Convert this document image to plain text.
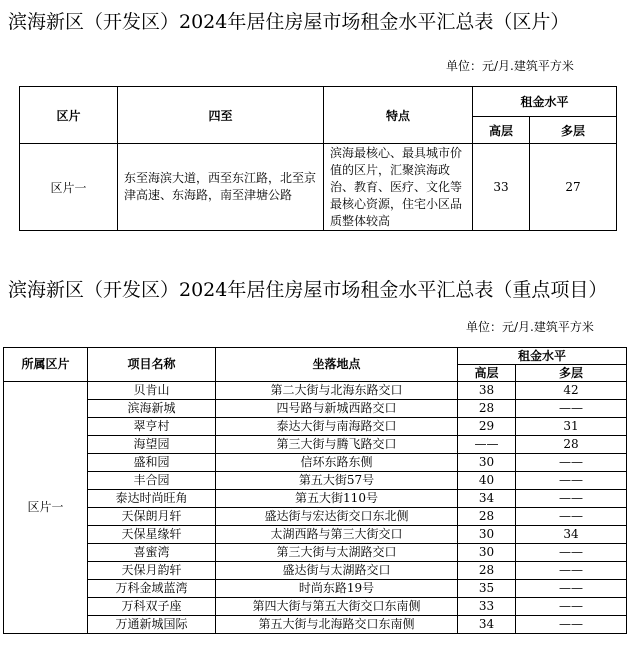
滨海新区（开发区）2024年居住房屋市场租金水平汇总表（区片）
单位：元/月.建筑平方米
区片	四至	特点	租金水平	
			高层	多层
区片一	东至海滨大道，西至东江路，北至京津高速、东海路，南至津塘公路	滨海最核心、最具城市价值的区片，汇聚滨海政治、教育、医疗、文化等最核心资源，住宅小区品质整体较高	33	27
滨海新区（开发区）2024年居住房屋市场租金水平汇总表（重点项目）
单位：元/月.建筑平方米
所属区片	项目名称	坐落地点	租金水平	
			高层	多层
区片一	贝肯山	第二大街与北海东路交口	38	42
	滨海新城	四号路与新城西路交口	28	——
	翠亨村	泰达大街与南海路交口	29	31
	海望园	第三大街与腾飞路交口	——	28
	盛和园	信环东路东侧	30	——
	丰合园	第五大街57号	40	——
	泰达时尚旺角	第五大街110号	34	——
	天保朗月轩	盛达街与宏达街交口东北侧	28	——
	天保星缘轩	太湖西路与第三大街交口	30	34
	喜蜜湾	第三大街与太湖路交口	30	——
	天保月韵轩	盛达街与太湖路交口	28	——
	万科金域蓝湾	时尚东路19号	35	——
	万科双子座	第四大街与第五大街交口东南侧	33	——
	万通新城国际	第五大街与北海路交口东南侧	34	——
